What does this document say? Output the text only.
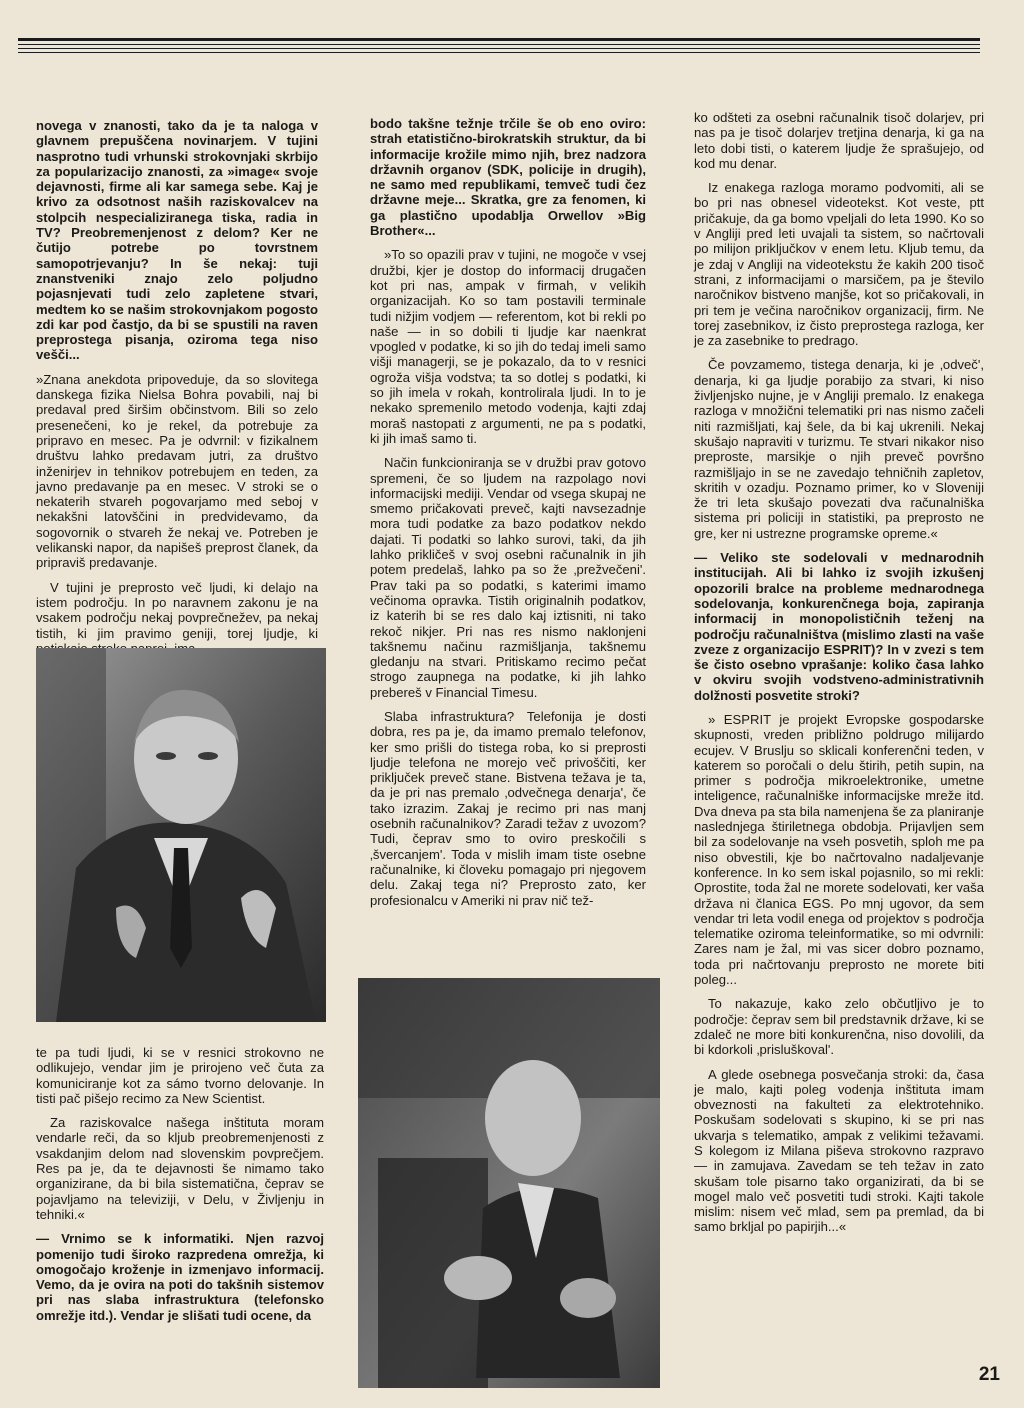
novega v znanosti, tako da je ta naloga v glavnem prepuščena novinarjem. V tujini nasprotno tudi vrhunski strokovnjaki skrbijo za popularizacijo znanosti, za »image« svoje dejavnosti, firme ali kar samega sebe. Kaj je krivo za odsotnost naših raziskovalcev na stolpcih nespecializiranega tiska, radia in TV? Preobremenjenost z delom? Ker ne čutijo potrebe po tovrstnem samopotrjevanju? In še nekaj: tuji znanstveniki znajo zelo poljudno pojasnjevati tudi zelo zapletene stvari, medtem ko se našim strokovnjakom pogosto zdi kar pod častjo, da bi se spustili na raven preprostega pisanja, oziroma tega niso vešči...

»Znana anekdota pripoveduje, da so slovitega danskega fizika Nielsa Bohra povabili, naj bi predaval pred širšim občinstvom. Bili so zelo presenečeni, ko je rekel, da potrebuje za pripravo en mesec. Pa je odvrnil: v fizikalnem društvu lahko predavam jutri, za društvo inženirjev in tehnikov potrebujem en teden, za javno predavanje pa en mesec. V stroki se o nekaterih stvareh pogovarjamo med seboj v nekakšni latovščini in predvidevamo, da sogovornik o stvareh že nekaj ve. Potreben je velikanski napor, da napišeš preprost članek, da pripraviš predavanje.

V tujini je preprosto več ljudi, ki delajo na istem področju. In po naravnem zakonu je na vsakem področju nekaj povprečnežev, pa nekaj tistih, ki jim pravimo geniji, torej ljudje, ki

te pa tudi ljudi, ki se v resnici strokovno ne odlikujejo, vendar jim je prirojeno več čuta za komuniciranje kot za sámo tvorno delovanje. In tisti pač pišejo recimo za New Scientist.

Za raziskovalce našega inštituta moram vendarle reči, da so kljub preobremenjenosti z vsakdanjim delom nad slovenskim povprečjem. Res pa je, da te dejavnosti še nimamo tako organizirane, da bi bila sistematična, čeprav se pojavljamo na televiziji, v Delu, v Življenju in tehniki.«

— Vrnimo se k informatiki. Njen razvoj pomenijo tudi široko razpredena omrežja, ki omogočajo kroženje in izmenjavo informacij. Vemo, da je ovira na poti do takšnih sistemov pri nas slaba infrastruktura (telefonsko omrežje itd.). Vendar je slišati tudi ocene, da

bodo takšne težnje trčile še ob eno oviro: strah etatistično-birokratskih struktur, da bi informacije krožile mimo njih, brez nadzora državnih organov (SDK, policije in drugih), ne samo med republikami, temveč tudi čez državne meje... Skratka, gre za fenomen, ki ga plastično upodablja Orwellov »Big Brother«...

»To so opazili prav v tujini, ne mogoče v vsej družbi, kjer je dostop do informacij drugačen kot pri nas, ampak v firmah, v velikih organizacijah. Ko so tam postavili terminale tudi nižjim vodjem — referentom, kot bi rekli po naše — in so dobili ti ljudje kar naenkrat vpogled v podatke, ki so jih do tedaj imeli samo višji managerji, se je pokazalo, da to v resnici ogroža višja vodstva; ta so dotlej s podatki, ki so jih imela v rokah, kontrolirala ljudi. In to je nekako spremenilo metodo vodenja, kajti zdaj moraš nastopati z argumenti, ne pa s podatki, ki jih imaš samo ti.

Način funkcioniranja se v družbi prav gotovo spremeni, če so ljudem na razpolago novi informacijski mediji. Vendar od vsega skupaj ne smemo pričakovati preveč, kajti navsezadnje mora tudi podatke za bazo podatkov nekdo dajati. Ti podatki so lahko surovi, taki, da jih lahko prikličeš v svoj osebni računalnik in jih potem predelaš, lahko pa so že ‚prežvečeni'. Prav taki pa so podatki, s katerimi imamo večinoma opravka. Tistih originalnih podatkov, iz katerih bi se res dalo kaj iztisniti, ni tako rekoč nikjer. Pri nas res nismo naklonjeni takšnemu načinu razmišljanja, takšnemu gledanju na stvari. Pritiskamo recimo pečat strogo zaupnega na podatke, ki jih lahko prebereš v Financial Timesu.

Slaba infrastruktura? Telefonija je dosti dobra, res pa je, da imamo premalo telefonov, ker smo prišli do tistega roba, ko si preprosti ljudje telefona ne morejo več privoščiti, ker priključek preveč stane. Bistvena težava je ta, da je pri nas premalo ‚odvečnega denarja', če tako izrazim. Zakaj je recimo pri nas manj osebnih računalnikov? Zaradi težav z uvozom? Tudi, čeprav smo to oviro preskočili s ‚švercanjem'. Toda v mislih imam tiste osebne računalnike, ki človeku pomagajo pri njegovem delu. Zakaj tega ni? Preprosto zato, ker profesionalcu v Ameriki ni prav nič tež-

ko odšteti za osebni računalnik tisoč dolarjev, pri nas pa je tisoč dolarjev tretjina denarja, ki ga na leto dobi tisti, o katerem ljudje že sprašujejo, od kod mu denar.

Iz enakega razloga moramo podvomiti, ali se bo pri nas obnesel videotekst. Kot veste, ptt pričakuje, da ga bomo vpeljali do leta 1990. Ko so v Angliji pred leti uvajali ta sistem, so načrtovali po milijon priključkov v enem letu. Kljub temu, da je zdaj v Angliji na videotekstu že kakih 200 tisoč strani, z informacijami o marsičem, pa je število naročnikov bistveno manjše, kot so pričakovali, in pri tem je večina naročnikov organizacij, firm. Ne torej zasebnikov, iz čisto preprostega razloga, ker je za zasebnike to predrago.

Če povzamemo, tistega denarja, ki je ‚odveč', denarja, ki ga ljudje porabijo za stvari, ki niso življenjsko nujne, je v Angliji premalo. Iz enakega razloga v množični telematiki pri nas nismo začeli niti razmišljati, kaj šele, da bi kaj ukrenili. Nekaj skušajo napraviti v turizmu. Te stvari nikakor niso preproste, marsikje o njih preveč površno razmišljajo in se ne zavedajo tehničnih zapletov, skritih v ozadju. Poznamo primer, ko v Sloveniji že tri leta skušajo povezati dva računalniška sistema pri policiji in statistiki, pa preprosto ne gre, ker ni ustrezne programske opreme.«

— Veliko ste sodelovali v mednarodnih institucijah. Ali bi lahko iz svojih izkušenj opozorili bralce na probleme mednarodnega sodelovanja, konkurenčnega boja, zapiranja informacij in monopolističnih teženj na področju računalništva (mislimo zlasti na vaše zveze z organizacijo ESPRIT)? In v zvezi s tem še čisto osebno vprašanje: koliko časa lahko v okviru svojih vodstveno-administrativnih dolžnosti posvetite stroki?

» ESPRIT je projekt Evropske gospodarske skupnosti, vreden približno poldrugo milijardo ecujev. V Bruslju so sklicali konferenčni teden, v katerem so poročali o delu štirih, petih supin, na primer s področja mikroelektronike, umetne inteligence, računalniške informacijske mreže itd. Dva dneva pa sta bila namenjena še za planiranje naslednjega štiriletnega obdobja. Prijavljen sem bil za sodelovanje na vseh posvetih, sploh me pa niso obvestili, kje bo načrtovalno nadaljevanje konference. In ko sem iskal pojasnilo, so mi rekli: Oprostite, toda žal ne morete sodelovati, ker vaša država ni članica EGS. Po mnj ugovor, da sem vendar tri leta vodil enega od projektov s področja telematike oziroma teleinformatike, so mi odvrnili: Zares nam je žal, mi vas sicer dobro poznamo, toda pri načrtovanju preprosto ne morete biti poleg...

To nakazuje, kako zelo občutljivo je to področje: čeprav sem bil predstavnik države, ki se zdaleč ne more biti konkurenčna, niso dovolili, da bi kdorkoli ‚prisluškoval'.

A glede osebnega posvečanja stroki: da, časa je malo, kajti poleg vodenja inštituta imam obveznosti na fakulteti za elektrotehniko. Poskušam sodelovati s skupino, ki se pri nas ukvarja s telematiko, ampak z velikimi težavami. S kolegom iz Milana piševa strokovno razpravo — in zamujava. Zavedam se teh težav in zato skušam tole pisarno tako organizirati, da bi se mogel malo več posvetiti tudi stroki. Kajti takole mislim: nisem več mlad, sem pa premlad, da bi samo brkljal po papirjih...«

21
